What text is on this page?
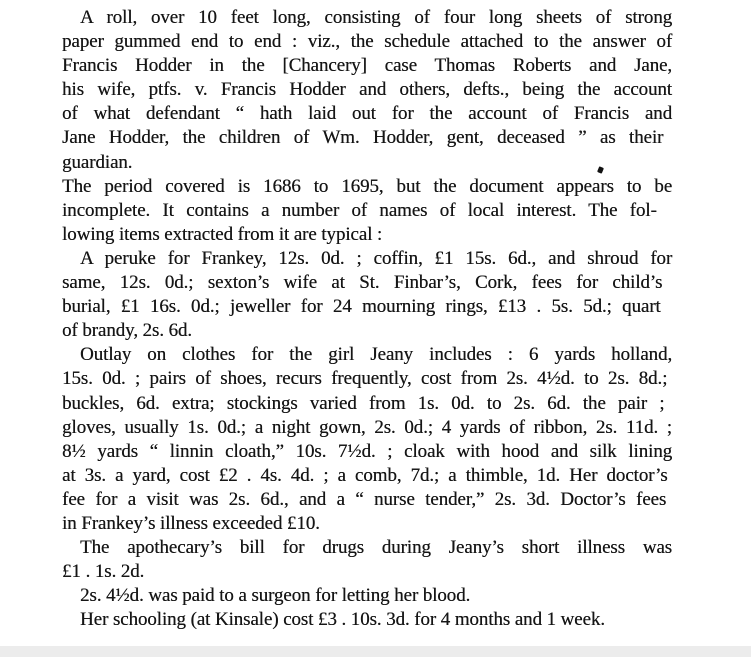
A roll, over 10 feet long, consisting of four long sheets of strong
paper gummed end to end : viz., the schedule attached to the answer of
Francis Hodder in the [Chancery] case Thomas Roberts and Jane,
his wife, ptfs. v. Francis Hodder and others, defts., being the account
of what defendant “ hath laid out for the account of Francis and
Jane Hodder, the children of Wm. Hodder, gent, deceased ” as their
guardian.
The period covered is 1686 to 1695, but the document appears to be
incomplete. It contains a number of names of local interest. The fol-
lowing items extracted from it are typical :
A peruke for Frankey, 12s. 0d. ; coffin, £1 15s. 6d., and shroud for
same, 12s. 0d.; sexton’s wife at St. Finbar’s, Cork, fees for child’s
burial, £1 16s. 0d.; jeweller for 24 mourning rings, £13 . 5s. 5d.; quart
of brandy, 2s. 6d.
Outlay on clothes for the girl Jeany includes : 6 yards holland,
15s. 0d. ; pairs of shoes, recurs frequently, cost from 2s. 4½d. to 2s. 8d.;
buckles, 6d. extra; stockings varied from 1s. 0d. to 2s. 6d. the pair ;
gloves, usually 1s. 0d.; a night gown, 2s. 0d.; 4 yards of ribbon, 2s. 11d. ;
8½ yards “ linnin cloath,” 10s. 7½d. ; cloak with hood and silk lining
at 3s. a yard, cost £2 . 4s. 4d. ; a comb, 7d.; a thimble, 1d. Her doctor’s
fee for a visit was 2s. 6d., and a “ nurse tender,” 2s. 3d. Doctor’s fees
in Frankey’s illness exceeded £10.
The apothecary’s bill for drugs during Jeany’s short illness was
£1 . 1s. 2d.
2s. 4½d. was paid to a surgeon for letting her blood.
Her schooling (at Kinsale) cost £3 . 10s. 3d. for 4 months and 1 week.
